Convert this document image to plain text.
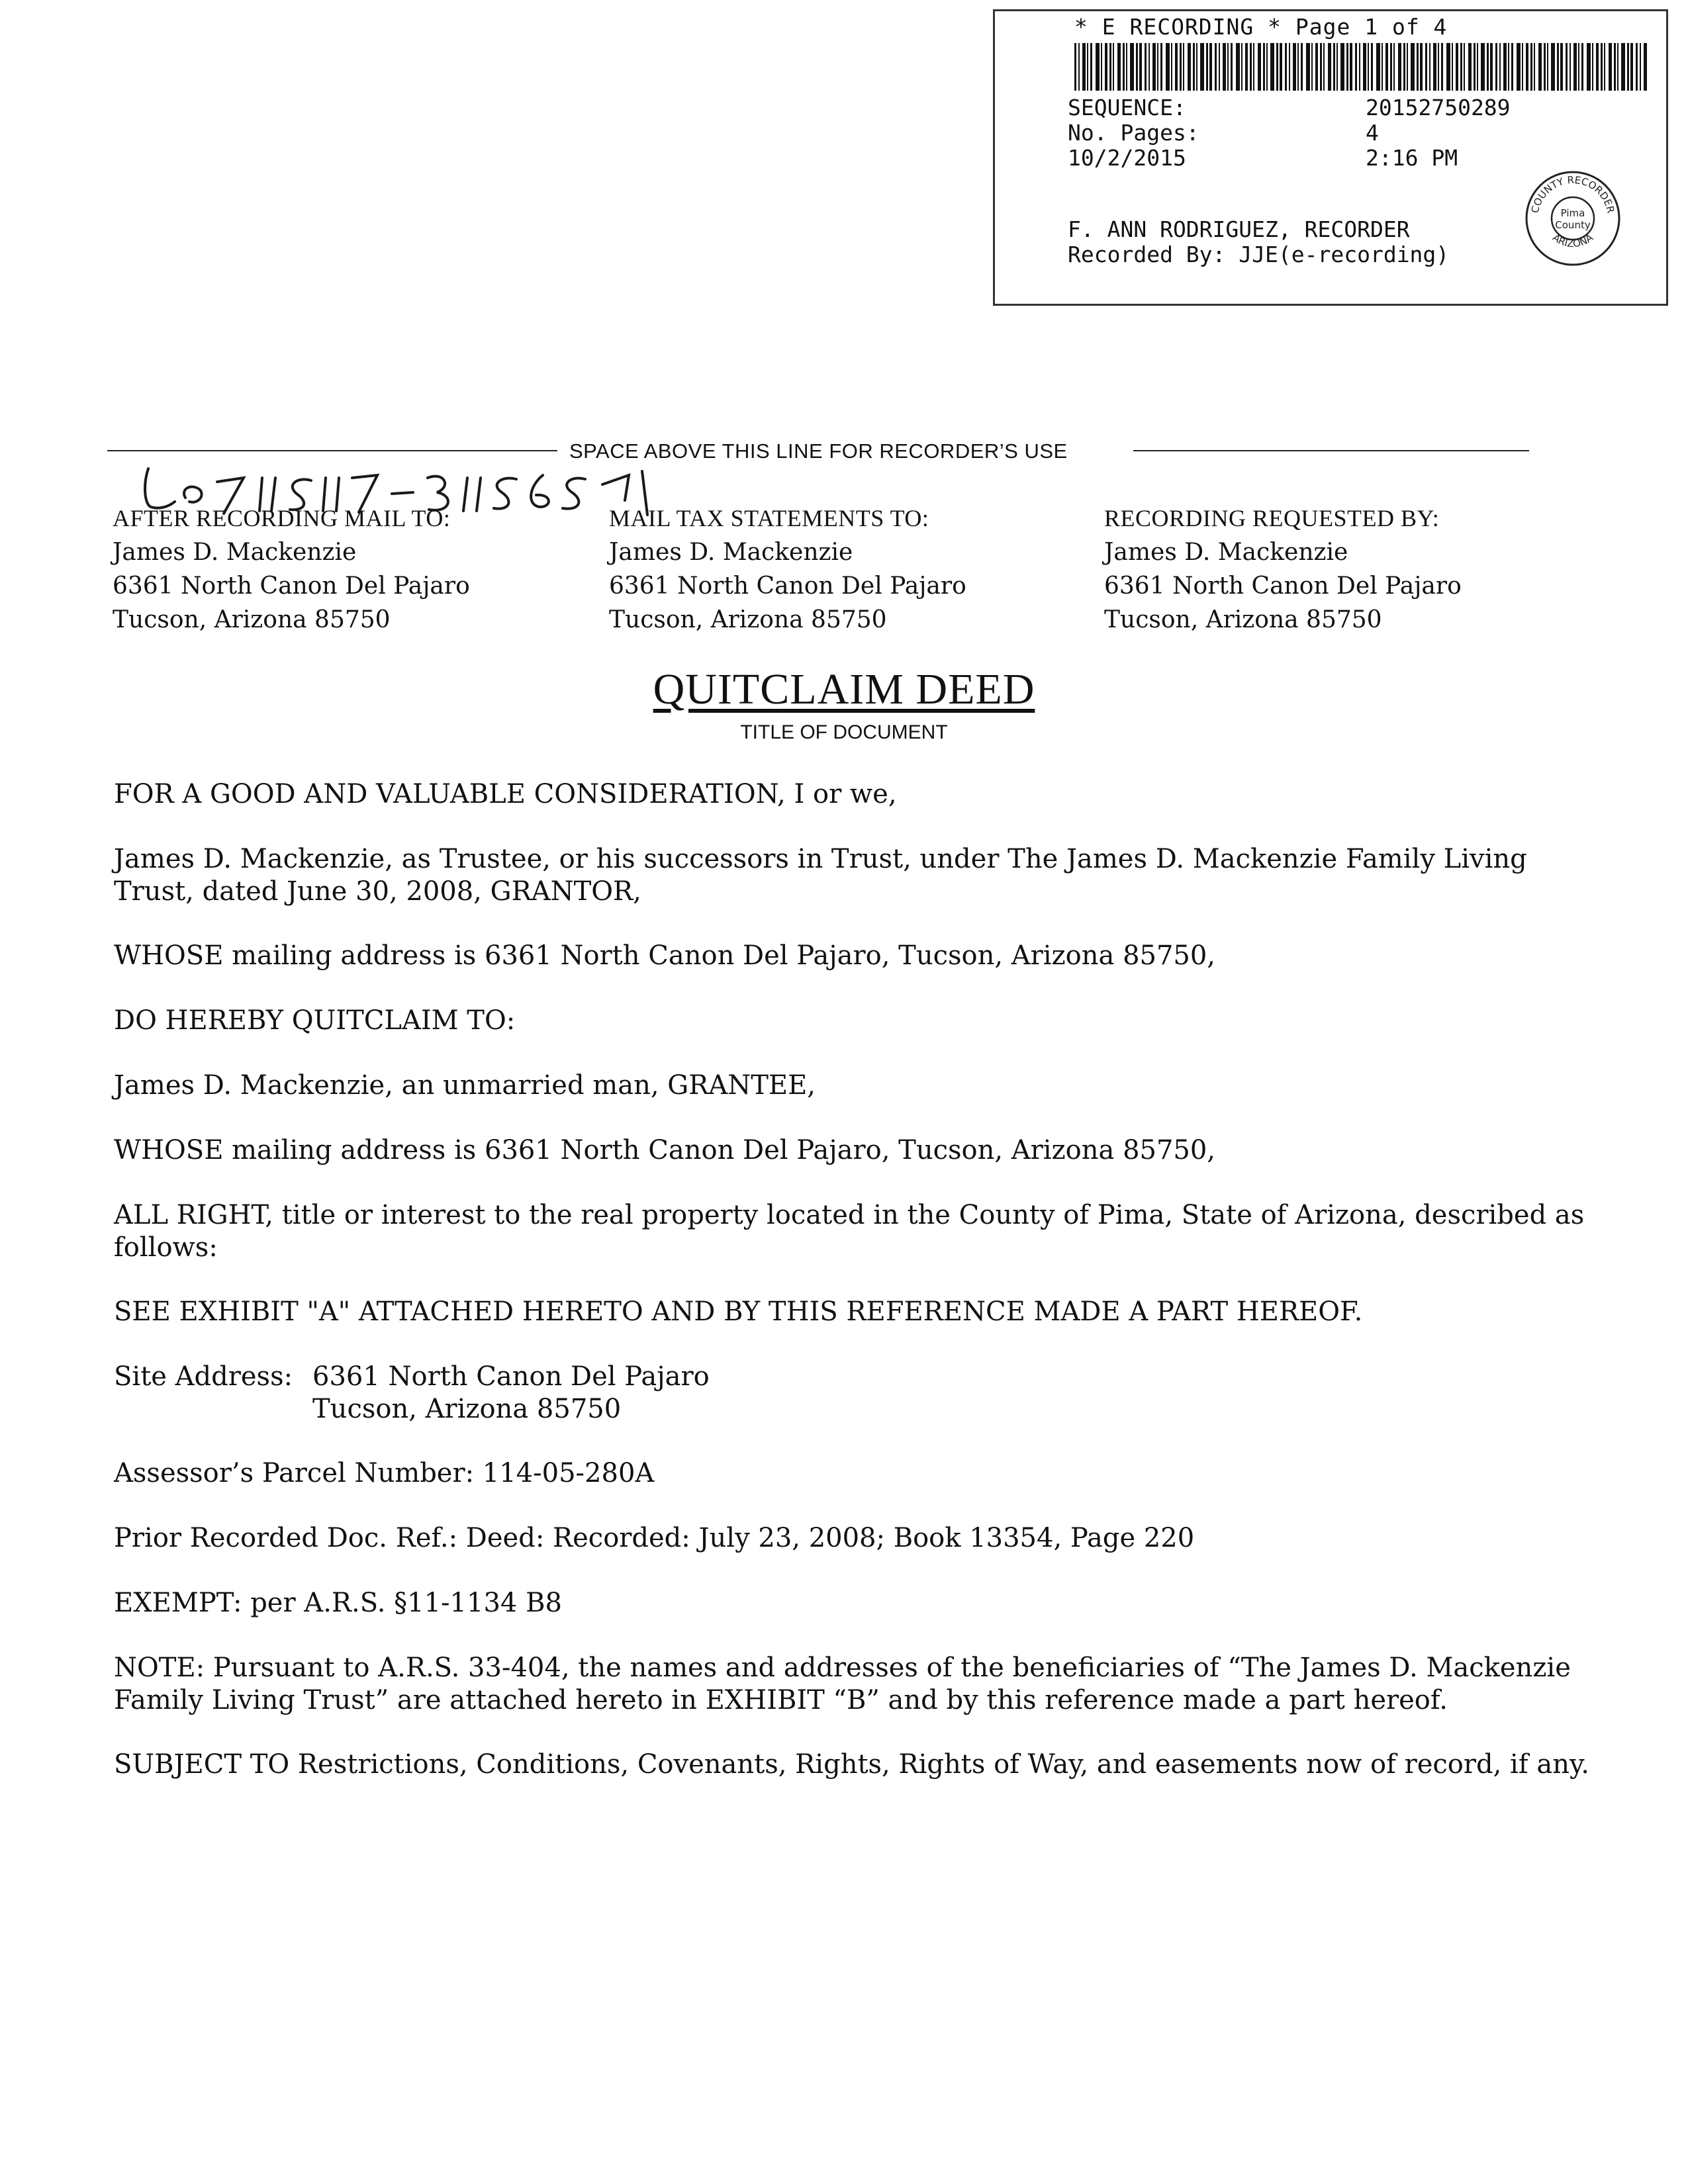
* E RECORDING * Page 1 of 4
SEQUENCE:	20152750289
No. Pages:	4
10/2/2015	2:16 PM
F. ANN RODRIGUEZ, RECORDER
Recorded By: JJE(e-recording)
COUNTY RECORDER
ARIZONA
Pima
County
SPACE ABOVE THIS LINE FOR RECORDER’S USE
AFTER RECORDING MAIL TO:
James D. Mackenzie
6361 North Canon Del Pajaro
Tucson, Arizona 85750
MAIL TAX STATEMENTS TO:
James D. Mackenzie
6361 North Canon Del Pajaro
Tucson, Arizona 85750
RECORDING REQUESTED BY:
James D. Mackenzie
6361 North Canon Del Pajaro
Tucson, Arizona 85750
QUITCLAIM DEED
TITLE OF DOCUMENT
FOR A GOOD AND VALUABLE CONSIDERATION, I or we,
James D. Mackenzie, as Trustee, or his successors in Trust, under The James D. Mackenzie Family Living Trust, dated June 30, 2008, GRANTOR,
WHOSE mailing address is 6361 North Canon Del Pajaro, Tucson, Arizona 85750,
DO HEREBY QUITCLAIM TO:
James D. Mackenzie, an unmarried man, GRANTEE,
WHOSE mailing address is 6361 North Canon Del Pajaro, Tucson, Arizona 85750,
ALL RIGHT, title or interest to the real property located in the County of Pima, State of Arizona, described as follows:
SEE EXHIBIT "A" ATTACHED HERETO AND BY THIS REFERENCE MADE A PART HEREOF.
Site Address: 6361 North Canon Del Pajaro
Tucson, Arizona 85750
Assessor’s Parcel Number: 114-05-280A
Prior Recorded Doc. Ref.: Deed: Recorded: July 23, 2008; Book 13354, Page 220
EXEMPT: per A.R.S. §11-1134 B8
NOTE: Pursuant to A.R.S. 33-404, the names and addresses of the beneficiaries of “The James D. Mackenzie Family Living Trust” are attached hereto in EXHIBIT “B” and by this reference made a part hereof.
SUBJECT TO Restrictions, Conditions, Covenants, Rights, Rights of Way, and easements now of record, if any.
